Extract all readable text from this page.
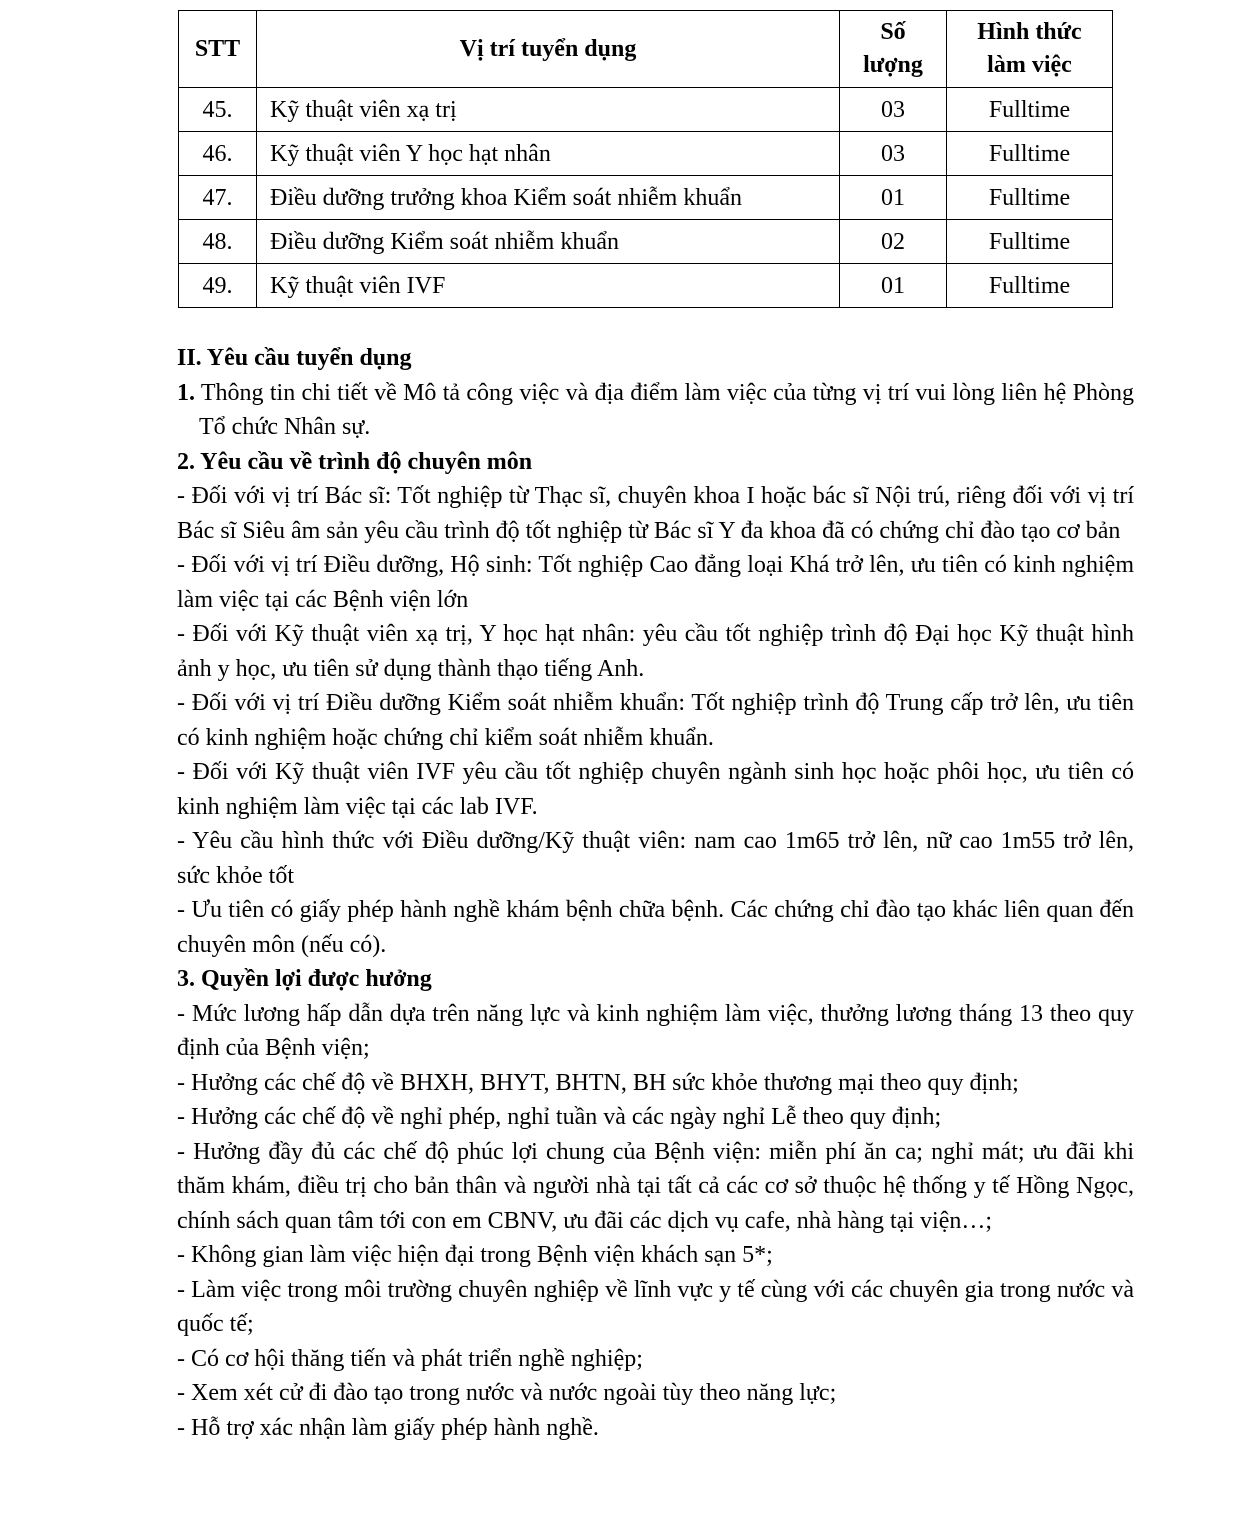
STT	Vị trí tuyển dụng	Số lượng	Hình thức làm việc
45.	Kỹ thuật viên xạ trị	03	Fulltime
46.	Kỹ thuật viên Y học hạt nhân	03	Fulltime
47.	Điều dưỡng trưởng khoa Kiểm soát nhiễm khuẩn	01	Fulltime
48.	Điều dưỡng Kiểm soát nhiễm khuẩn	02	Fulltime
49.	Kỹ thuật viên IVF	01	Fulltime

II. Yêu cầu tuyển dụng

1. Thông tin chi tiết về Mô tả công việc và địa điểm làm việc của từng vị trí vui lòng liên hệ Phòng Tổ chức Nhân sự.

2. Yêu cầu về trình độ chuyên môn

- Đối với vị trí Bác sĩ: Tốt nghiệp từ Thạc sĩ, chuyên khoa I hoặc bác sĩ Nội trú, riêng đối với vị trí Bác sĩ Siêu âm sản yêu cầu trình độ tốt nghiệp từ Bác sĩ Y đa khoa đã có chứng chỉ đào tạo cơ bản

- Đối với vị trí Điều dưỡng, Hộ sinh: Tốt nghiệp Cao đẳng loại Khá trở lên, ưu tiên có kinh nghiệm làm việc tại các Bệnh viện lớn

- Đối với Kỹ thuật viên xạ trị, Y học hạt nhân: yêu cầu tốt nghiệp trình độ Đại học Kỹ thuật hình ảnh y học, ưu tiên sử dụng thành thạo tiếng Anh.

- Đối với vị trí Điều dưỡng Kiểm soát nhiễm khuẩn: Tốt nghiệp trình độ Trung cấp trở lên, ưu tiên có kinh nghiệm hoặc chứng chỉ kiểm soát nhiễm khuẩn.

- Đối với Kỹ thuật viên IVF yêu cầu tốt nghiệp chuyên ngành sinh học hoặc phôi học, ưu tiên có kinh nghiệm làm việc tại các lab IVF.

- Yêu cầu hình thức với Điều dưỡng/Kỹ thuật viên: nam cao 1m65 trở lên, nữ cao 1m55 trở lên, sức khỏe tốt

- Ưu tiên có giấy phép hành nghề khám bệnh chữa bệnh. Các chứng chỉ đào tạo khác liên quan đến chuyên môn (nếu có).

3. Quyền lợi được hưởng

- Mức lương hấp dẫn dựa trên năng lực và kinh nghiệm làm việc, thưởng lương tháng 13 theo quy định của Bệnh viện;

- Hưởng các chế độ về BHXH, BHYT, BHTN, BH sức khỏe thương mại theo quy định;

- Hưởng các chế độ về nghỉ phép, nghỉ tuần và các ngày nghỉ Lễ theo quy định;

- Hưởng đầy đủ các chế độ phúc lợi chung của Bệnh viện: miễn phí ăn ca; nghỉ mát; ưu đãi khi thăm khám, điều trị cho bản thân và người nhà tại tất cả các cơ sở thuộc hệ thống y tế Hồng Ngọc, chính sách quan tâm tới con em CBNV, ưu đãi các dịch vụ cafe, nhà hàng tại viện…;

- Không gian làm việc hiện đại trong Bệnh viện khách sạn 5*;

- Làm việc trong môi trường chuyên nghiệp về lĩnh vực y tế cùng với các chuyên gia trong nước và quốc tế;

- Có cơ hội thăng tiến và phát triển nghề nghiệp;

- Xem xét cử đi đào tạo trong nước và nước ngoài tùy theo năng lực;

- Hỗ trợ xác nhận làm giấy phép hành nghề.
